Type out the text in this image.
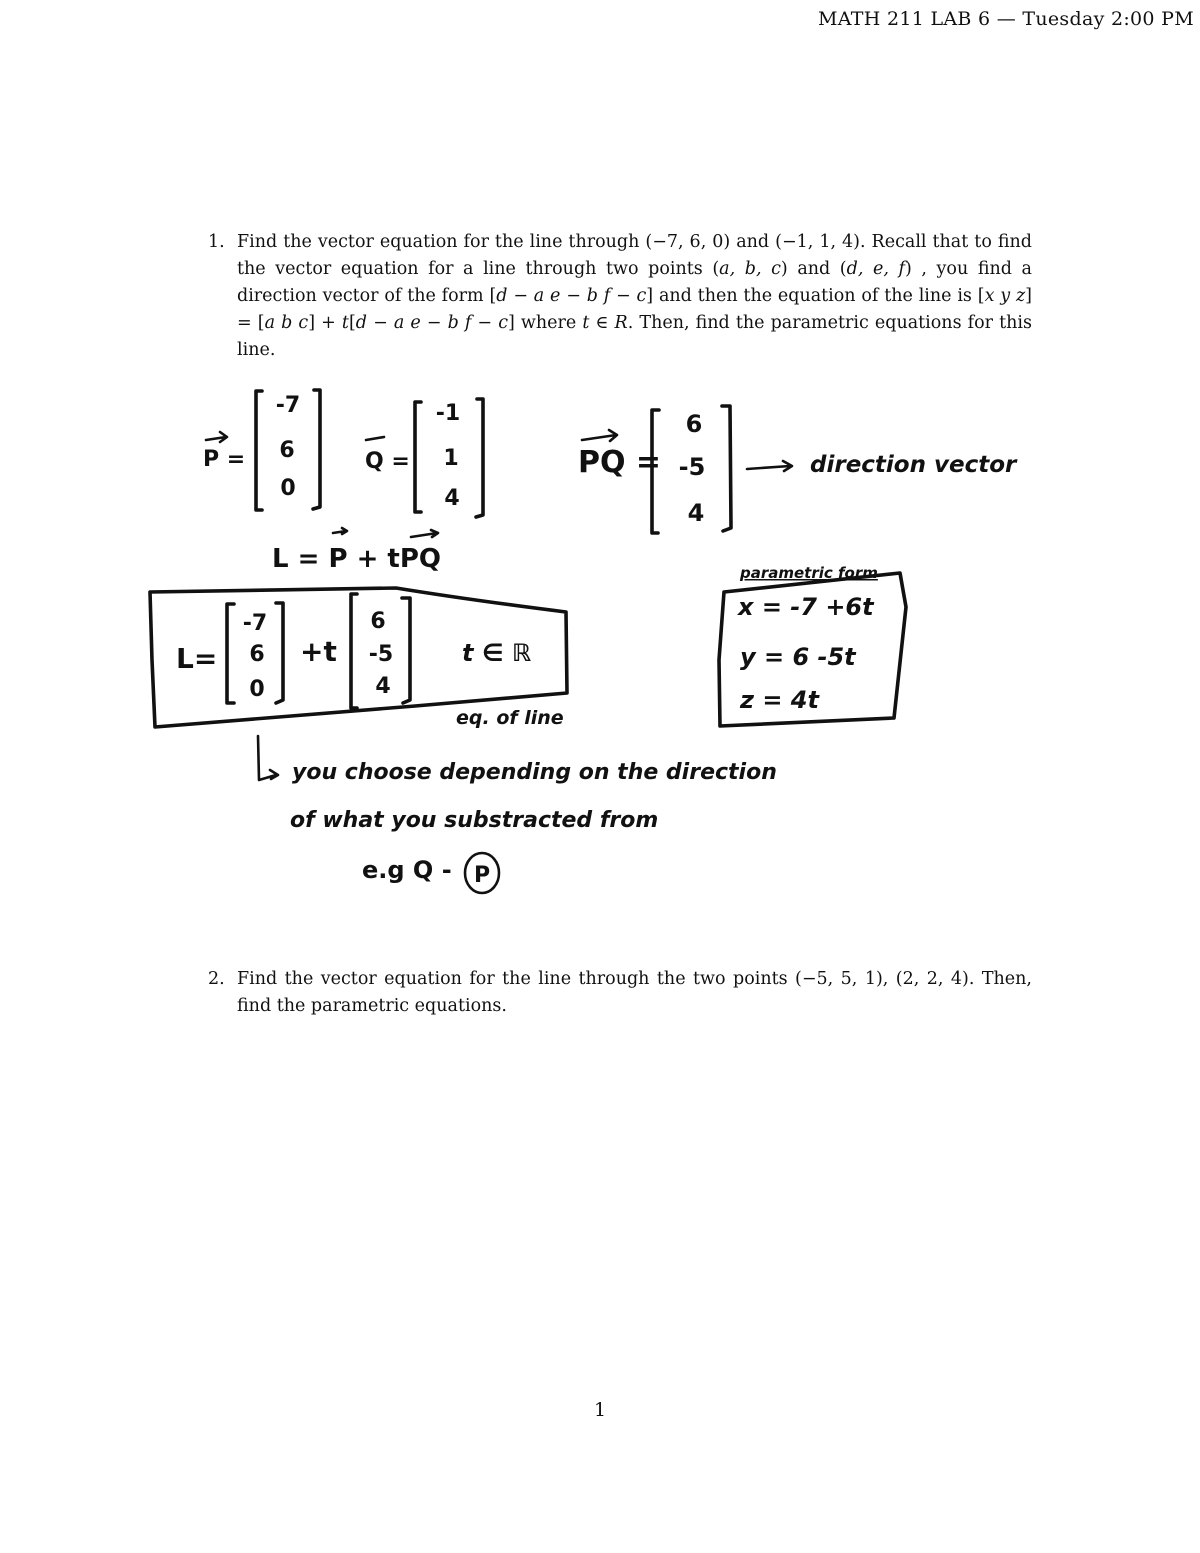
MATH 211 LAB 6 — Tuesday 2:00 PM
1. Find the vector equation for the line through (−7, 6, 0) and (−1, 1, 4). Recall that to find the vector equation for a line through two points (a, b, c) and (d, e, f) , you find a direction vector of the form [d − a e − b f − c] and then the equation of the line is [x y z] = [a b c] + t[d − a e − b f − c] where t ∈ R. Then, find the parametric equations for this line.
P =
-7
6
0
Q =
-1
1
4
PQ =
6
-5
4
direction vector
L = P + tPQ
L=
-7
6
0
+t
6
-5
4
t ∈ ℝ
eq. of line
parametric form
x = -7 +6t
y = 6 -5t
z = 4t
you choose depending on the direction
of what you substracted from
e.g Q - P
2. Find the vector equation for the line through the two points (−5, 5, 1), (2, 2, 4). Then, find the parametric equations.
1
